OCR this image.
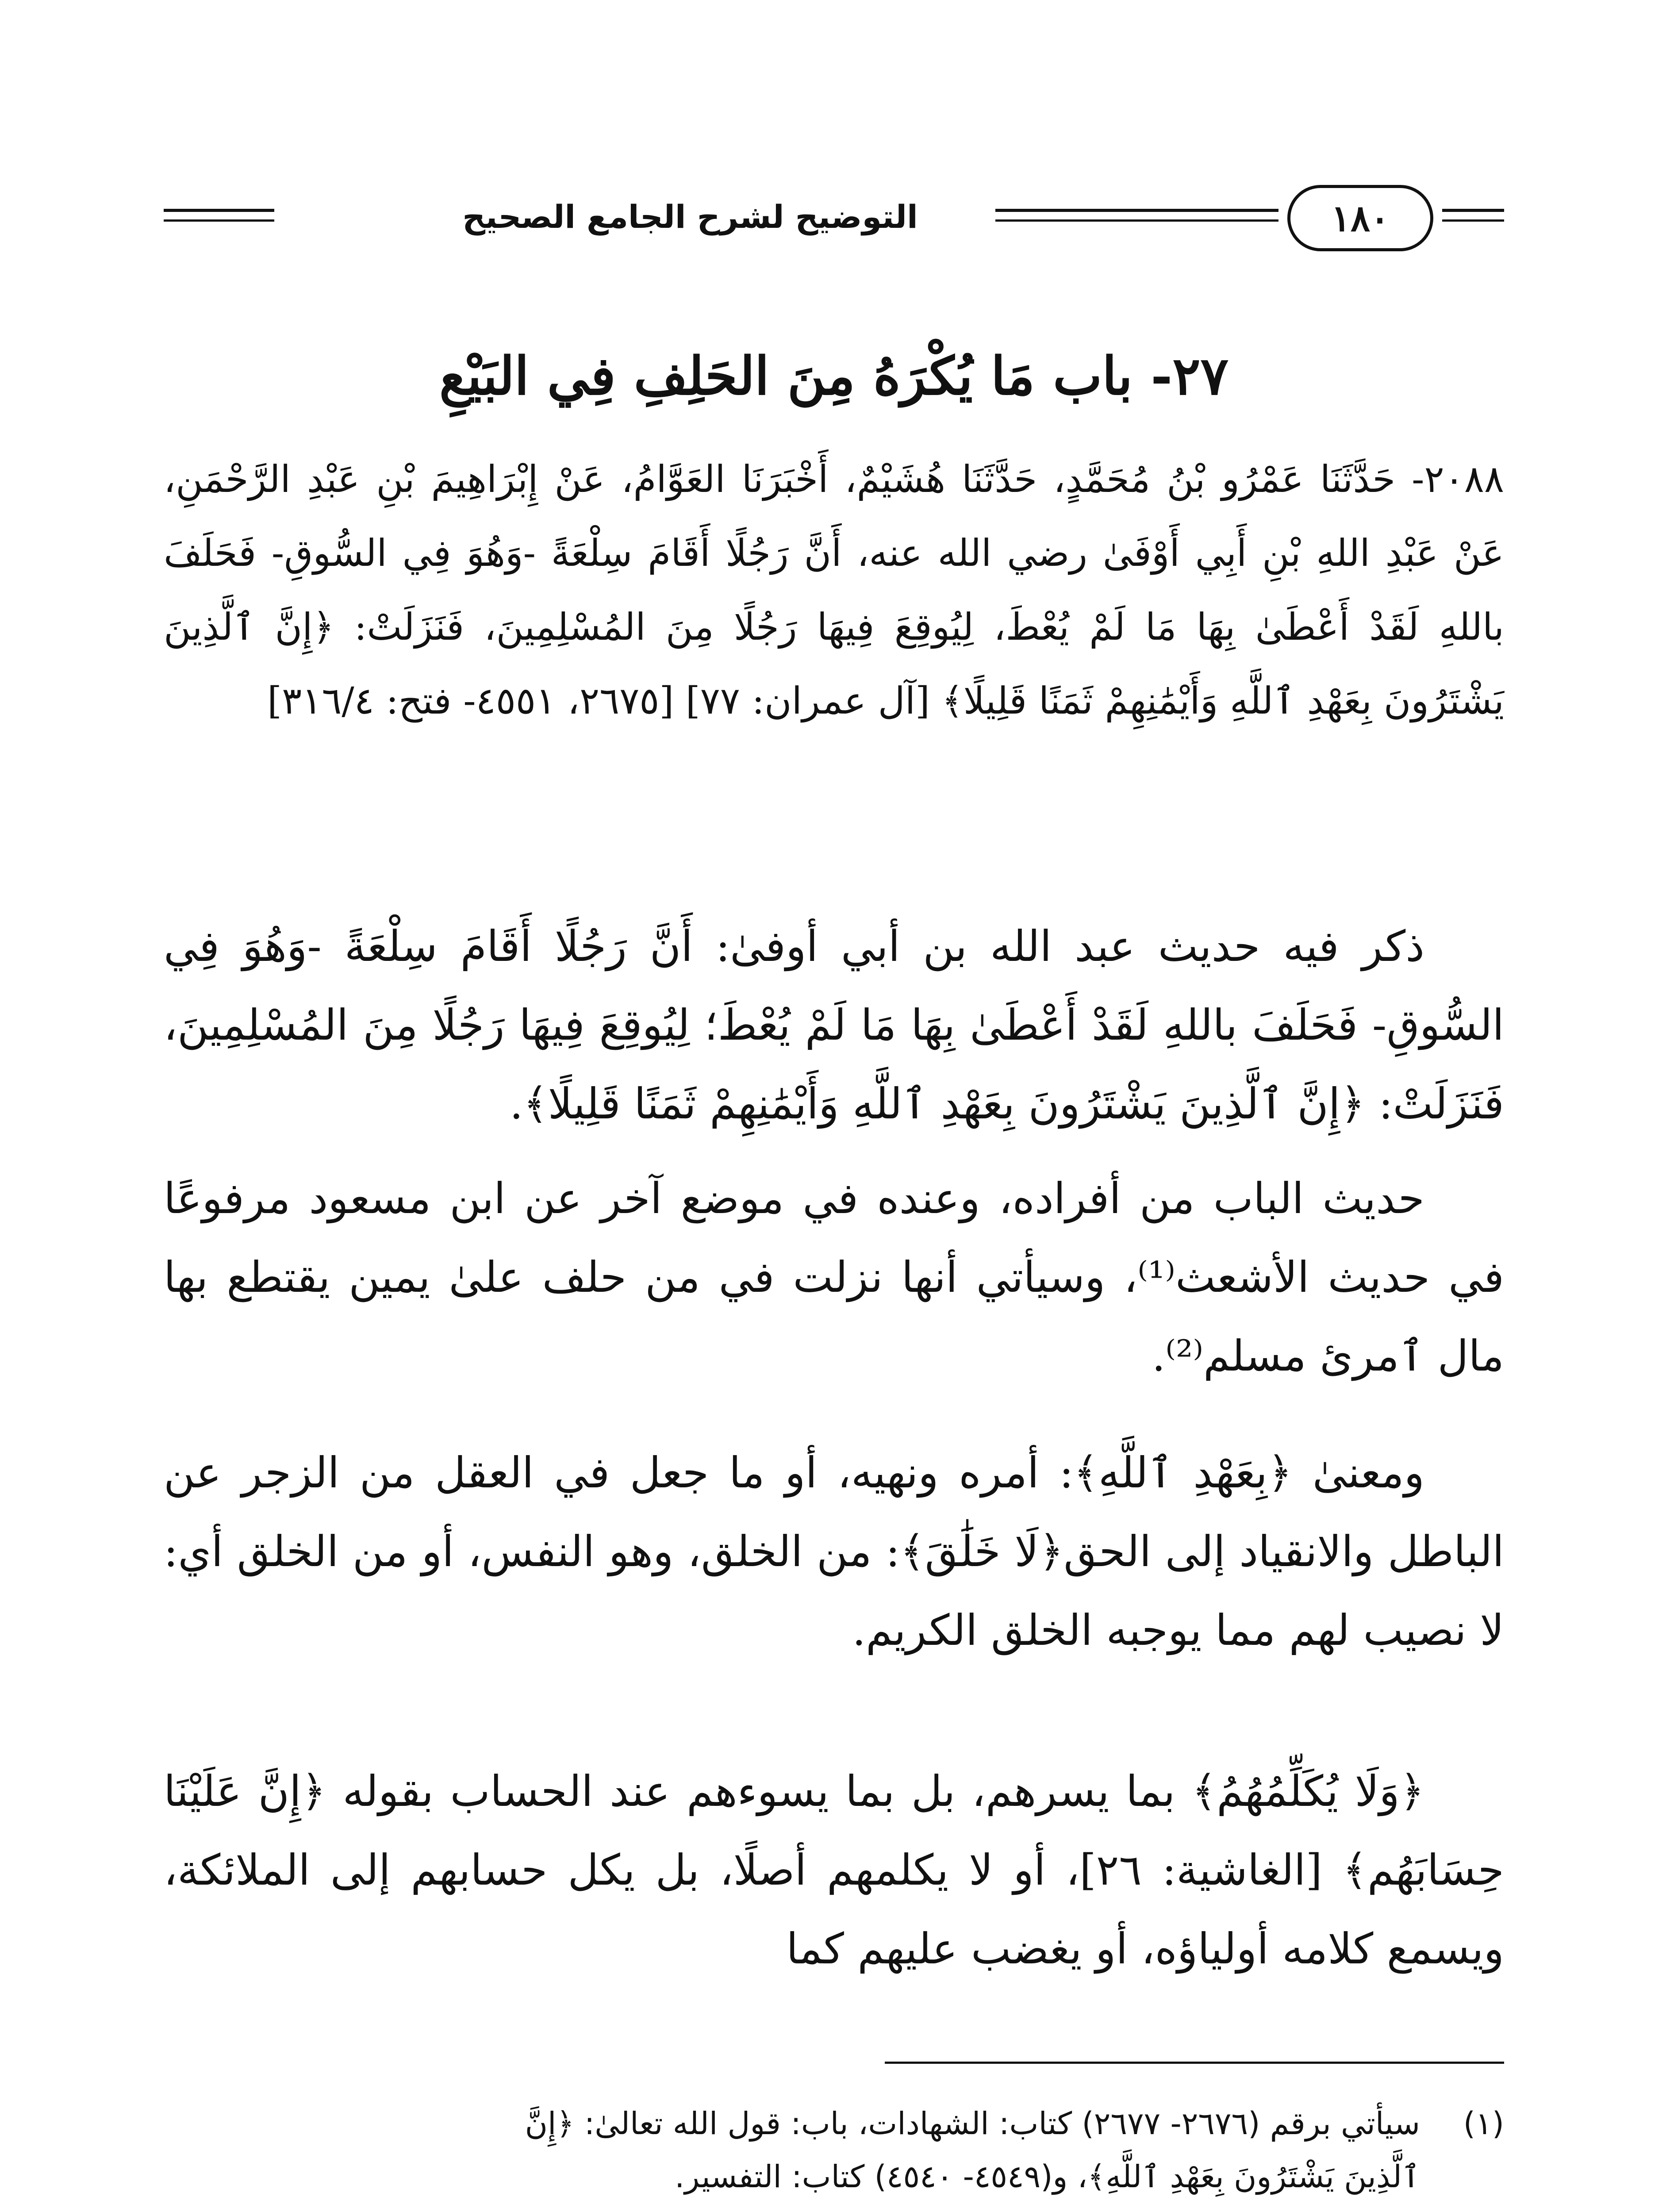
التوضيح لشرح الجامع الصحيح	١٨٠
٢٧- باب مَا يُكْرَهُ مِنَ الحَلِفِ فِي البَيْعِ
٢٠٨٨- حَدَّثَنَا عَمْرُو بْنُ مُحَمَّدٍ، حَدَّثَنَا هُشَيْمٌ، أَخْبَرَنَا العَوَّامُ، عَنْ إِبْرَاهِيمَ بْنِ عَبْدِ الرَّحْمَنِ، عَنْ عَبْدِ اللهِ بْنِ أَبِي أَوْفَىٰ رضي الله عنه، أَنَّ رَجُلًا أَقَامَ سِلْعَةً -وَهُوَ فِي السُّوقِ- فَحَلَفَ باللهِ لَقَدْ أَعْطَىٰ بِهَا مَا لَمْ يُعْطَ، لِيُوقِعَ فِيهَا رَجُلًا مِنَ المُسْلِمِينَ، فَنَزَلَتْ: ﴿إِنَّ ٱلَّذِينَ يَشْتَرُونَ بِعَهْدِ ٱللَّهِ وَأَيْمَٰنِهِمْ ثَمَنًا قَلِيلًا﴾ [آل عمران: ٧٧] [٢٦٧٥، ٤٥٥١- فتح: ٣١٦/٤]
ذكر فيه حديث عبد الله بن أبي أوفىٰ: أَنَّ رَجُلًا أَقَامَ سِلْعَةً -وَهُوَ فِي السُّوقِ- فَحَلَفَ باللهِ لَقَدْ أَعْطَىٰ بِهَا مَا لَمْ يُعْطَ؛ لِيُوقِعَ فِيهَا رَجُلًا مِنَ المُسْلِمِينَ، فَنَزَلَتْ: ﴿إِنَّ ٱلَّذِينَ يَشْتَرُونَ بِعَهْدِ ٱللَّهِ وَأَيْمَٰنِهِمْ ثَمَنًا قَلِيلًا﴾.
حديث الباب من أفراده، وعنده في موضع آخر عن ابن مسعود مرفوعًا في حديث الأشعث⁽¹⁾، وسيأتي أنها نزلت في من حلف علىٰ يمين يقتطع بها مال ٱمرئ مسلم⁽²⁾.
ومعنىٰ ﴿بِعَهْدِ ٱللَّهِ﴾: أمره ونهيه، أو ما جعل في العقل من الزجر عن الباطل والانقياد إلى الحق﴿لَا خَلَٰقَ﴾: من الخلق، وهو النفس، أو من الخلق أي: لا نصيب لهم مما يوجبه الخلق الكريم.
﴿وَلَا يُكَلِّمُهُمُ﴾ بما يسرهم، بل بما يسوءهم عند الحساب بقوله ﴿إِنَّ عَلَيْنَا حِسَابَهُم﴾ [الغاشية: ٢٦]، أو لا يكلمهم أصلًا، بل يكل حسابهم إلى الملائكة، ويسمع كلامه أولياؤه، أو يغضب عليهم كما
(١)
سيأتي برقم (٢٦٧٦- ٢٦٧٧) كتاب: الشهادات، باب: قول الله تعالىٰ: ﴿إِنَّ
ٱلَّذِينَ يَشْتَرُونَ بِعَهْدِ ٱللَّهِ﴾، و(٤٥٤٩- ٤٥٤٠) كتاب: التفسير.
